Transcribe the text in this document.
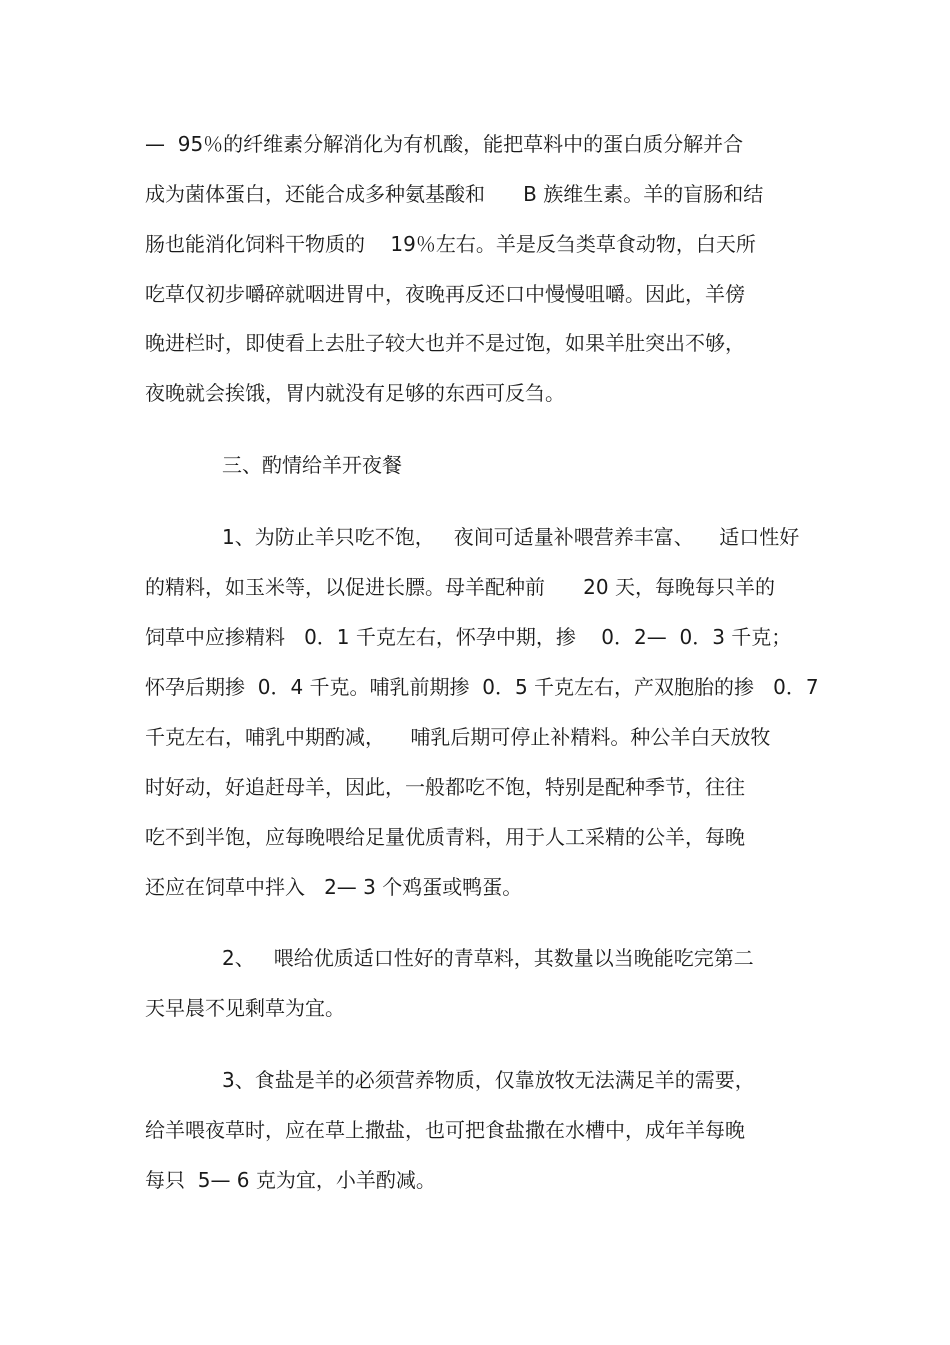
—  95％的纤维素分解消化为有机酸，能把草料中的蛋白质分解并合
成为菌体蛋白，还能合成多种氨基酸和      B 族维生素。羊的盲肠和结
肠也能消化饲料干物质的    19％左右。羊是反刍类草食动物，白天所
吃草仅初步嚼碎就咽进胃中，夜晚再反还口中慢慢咀嚼。因此，羊傍
晚进栏时，即使看上去肚子较大也并不是过饱，如果羊肚突出不够，
夜晚就会挨饿，胃内就没有足够的东西可反刍。
三、酌情给羊开夜餐
1、为防止羊只吃不饱，   夜间可适量补喂营养丰富、    适口性好
的精料，如玉米等，以促进长膘。母羊配种前      20 天，每晚每只羊的
饲草中应掺精料   0．1 千克左右，怀孕中期，掺    0．2—  0．3 千克；
怀孕后期掺  0．4 千克。哺乳前期掺  0．5 千克左右，产双胞胎的掺   0．7
千克左右，哺乳中期酌减，    哺乳后期可停止补精料。种公羊白天放牧
时好动，好追赶母羊，因此，一般都吃不饱，特别是配种季节，往往
吃不到半饱，应每晚喂给足量优质青料，用于人工采精的公羊，每晚
还应在饲草中拌入   2— 3 个鸡蛋或鸭蛋。
2、   喂给优质适口性好的青草料，其数量以当晚能吃完第二
天早晨不见剩草为宜。
3、食盐是羊的必须营养物质，仅靠放牧无法满足羊的需要，
给羊喂夜草时，应在草上撒盐，也可把食盐撒在水槽中，成年羊每晚
每只  5— 6 克为宜，小羊酌减。
